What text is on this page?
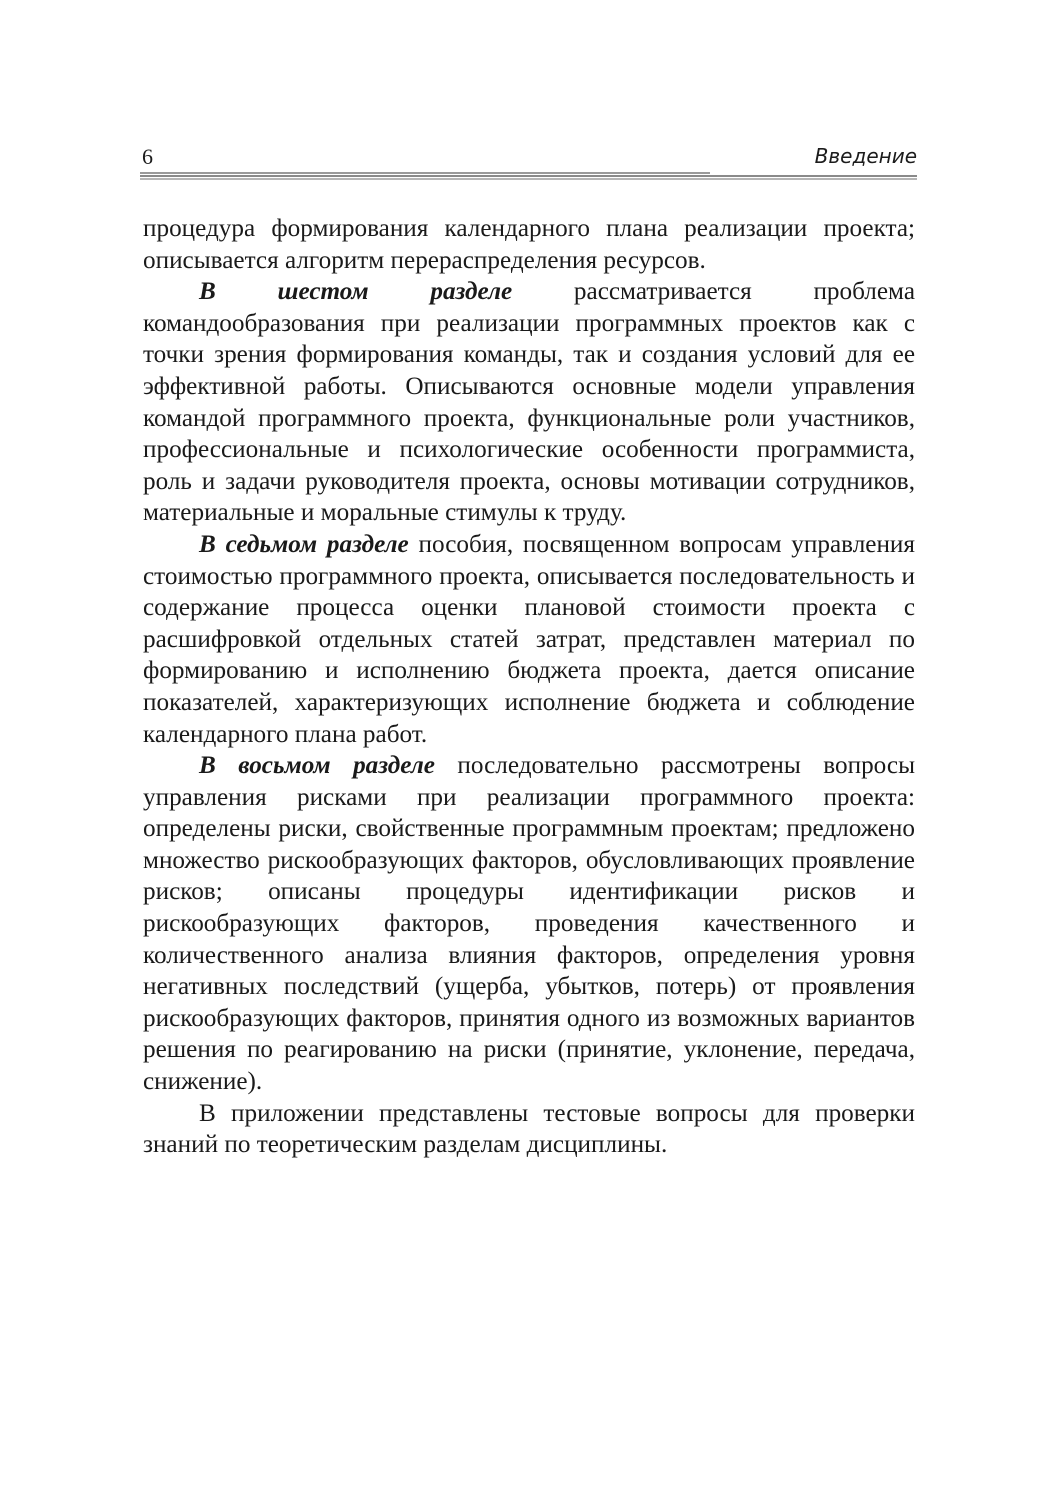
6	Введение

процедура формирования календарного плана реализации проекта; описывается алгоритм перераспределения ресурсов.

В шестом разделе рассматривается проблема командообразования при реализации программных проектов как с точки зрения формирования команды, так и создания условий для ее эффективной работы. Описываются основные модели управления командой программного проекта, функциональные роли участников, профессиональные и психологические особенности программиста, роль и задачи руководителя проекта, основы мотивации сотрудников, материальные и моральные стимулы к труду.

В седьмом разделе пособия, посвященном вопросам управления стоимостью программного проекта, описывается последовательность и содержание процесса оценки плановой стоимости проекта с расшифровкой отдельных статей затрат, представлен материал по формированию и исполнению бюджета проекта, дается описание показателей, характеризующих исполнение бюджета и соблюдение календарного плана работ.

В восьмом разделе последовательно рассмотрены вопросы управления рисками при реализации программного проекта: определены риски, свойственные программным проектам; предложено множество рискообразующих факторов, обусловливающих проявление рисков; описаны процедуры идентификации рисков и рискообразующих факторов, проведения качественного и количественного анализа влияния факторов, определения уровня негативных последствий (ущерба, убытков, потерь) от проявления рискообразующих факторов, принятия одного из возможных вариантов решения по реагированию на риски (принятие, уклонение, передача, снижение).

В приложении представлены тестовые вопросы для проверки знаний по теоретическим разделам дисциплины.
